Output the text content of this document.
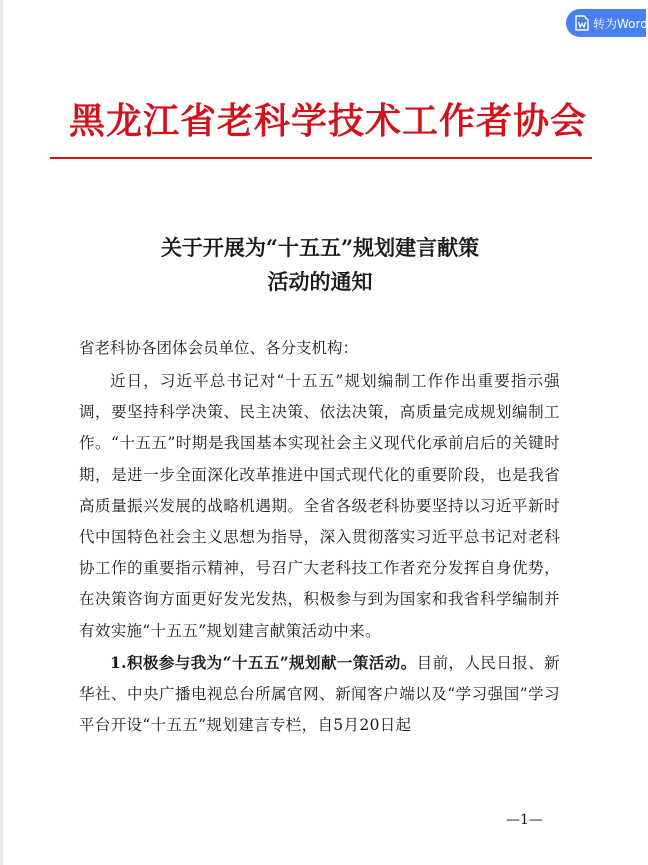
转为Word
黑龙江省老科学技术工作者协会
关于开展为“十五五”规划建言献策
活动的通知
省老科协各团体会员单位、各分支机构：

近日，习近平总书记对“十五五”规划编制工作作出重要指示强调，要坚持科学决策、民主决策、依法决策，高质量完成规划编制工作。“十五五”时期是我国基本实现社会主义现代化承前启后的关键时期，是进一步全面深化改革推进中国式现代化的重要阶段，也是我省高质量振兴发展的战略机遇期。全省各级老科协要坚持以习近平新时代中国特色社会主义思想为指导，深入贯彻落实习近平总书记对老科协工作的重要指示精神，号召广大老科技工作者充分发挥自身优势，在决策咨询方面更好发光发热，积极参与到为国家和我省科学编制并有效实施“十五五”规划建言献策活动中来。

1.积极参与我为“十五五”规划献一策活动。目前，人民日报、新华社、中央广播电视总台所属官网、新闻客户端以及“学习强国”学习平台开设“十五五”规划建言专栏，自5月20日起

—1—
